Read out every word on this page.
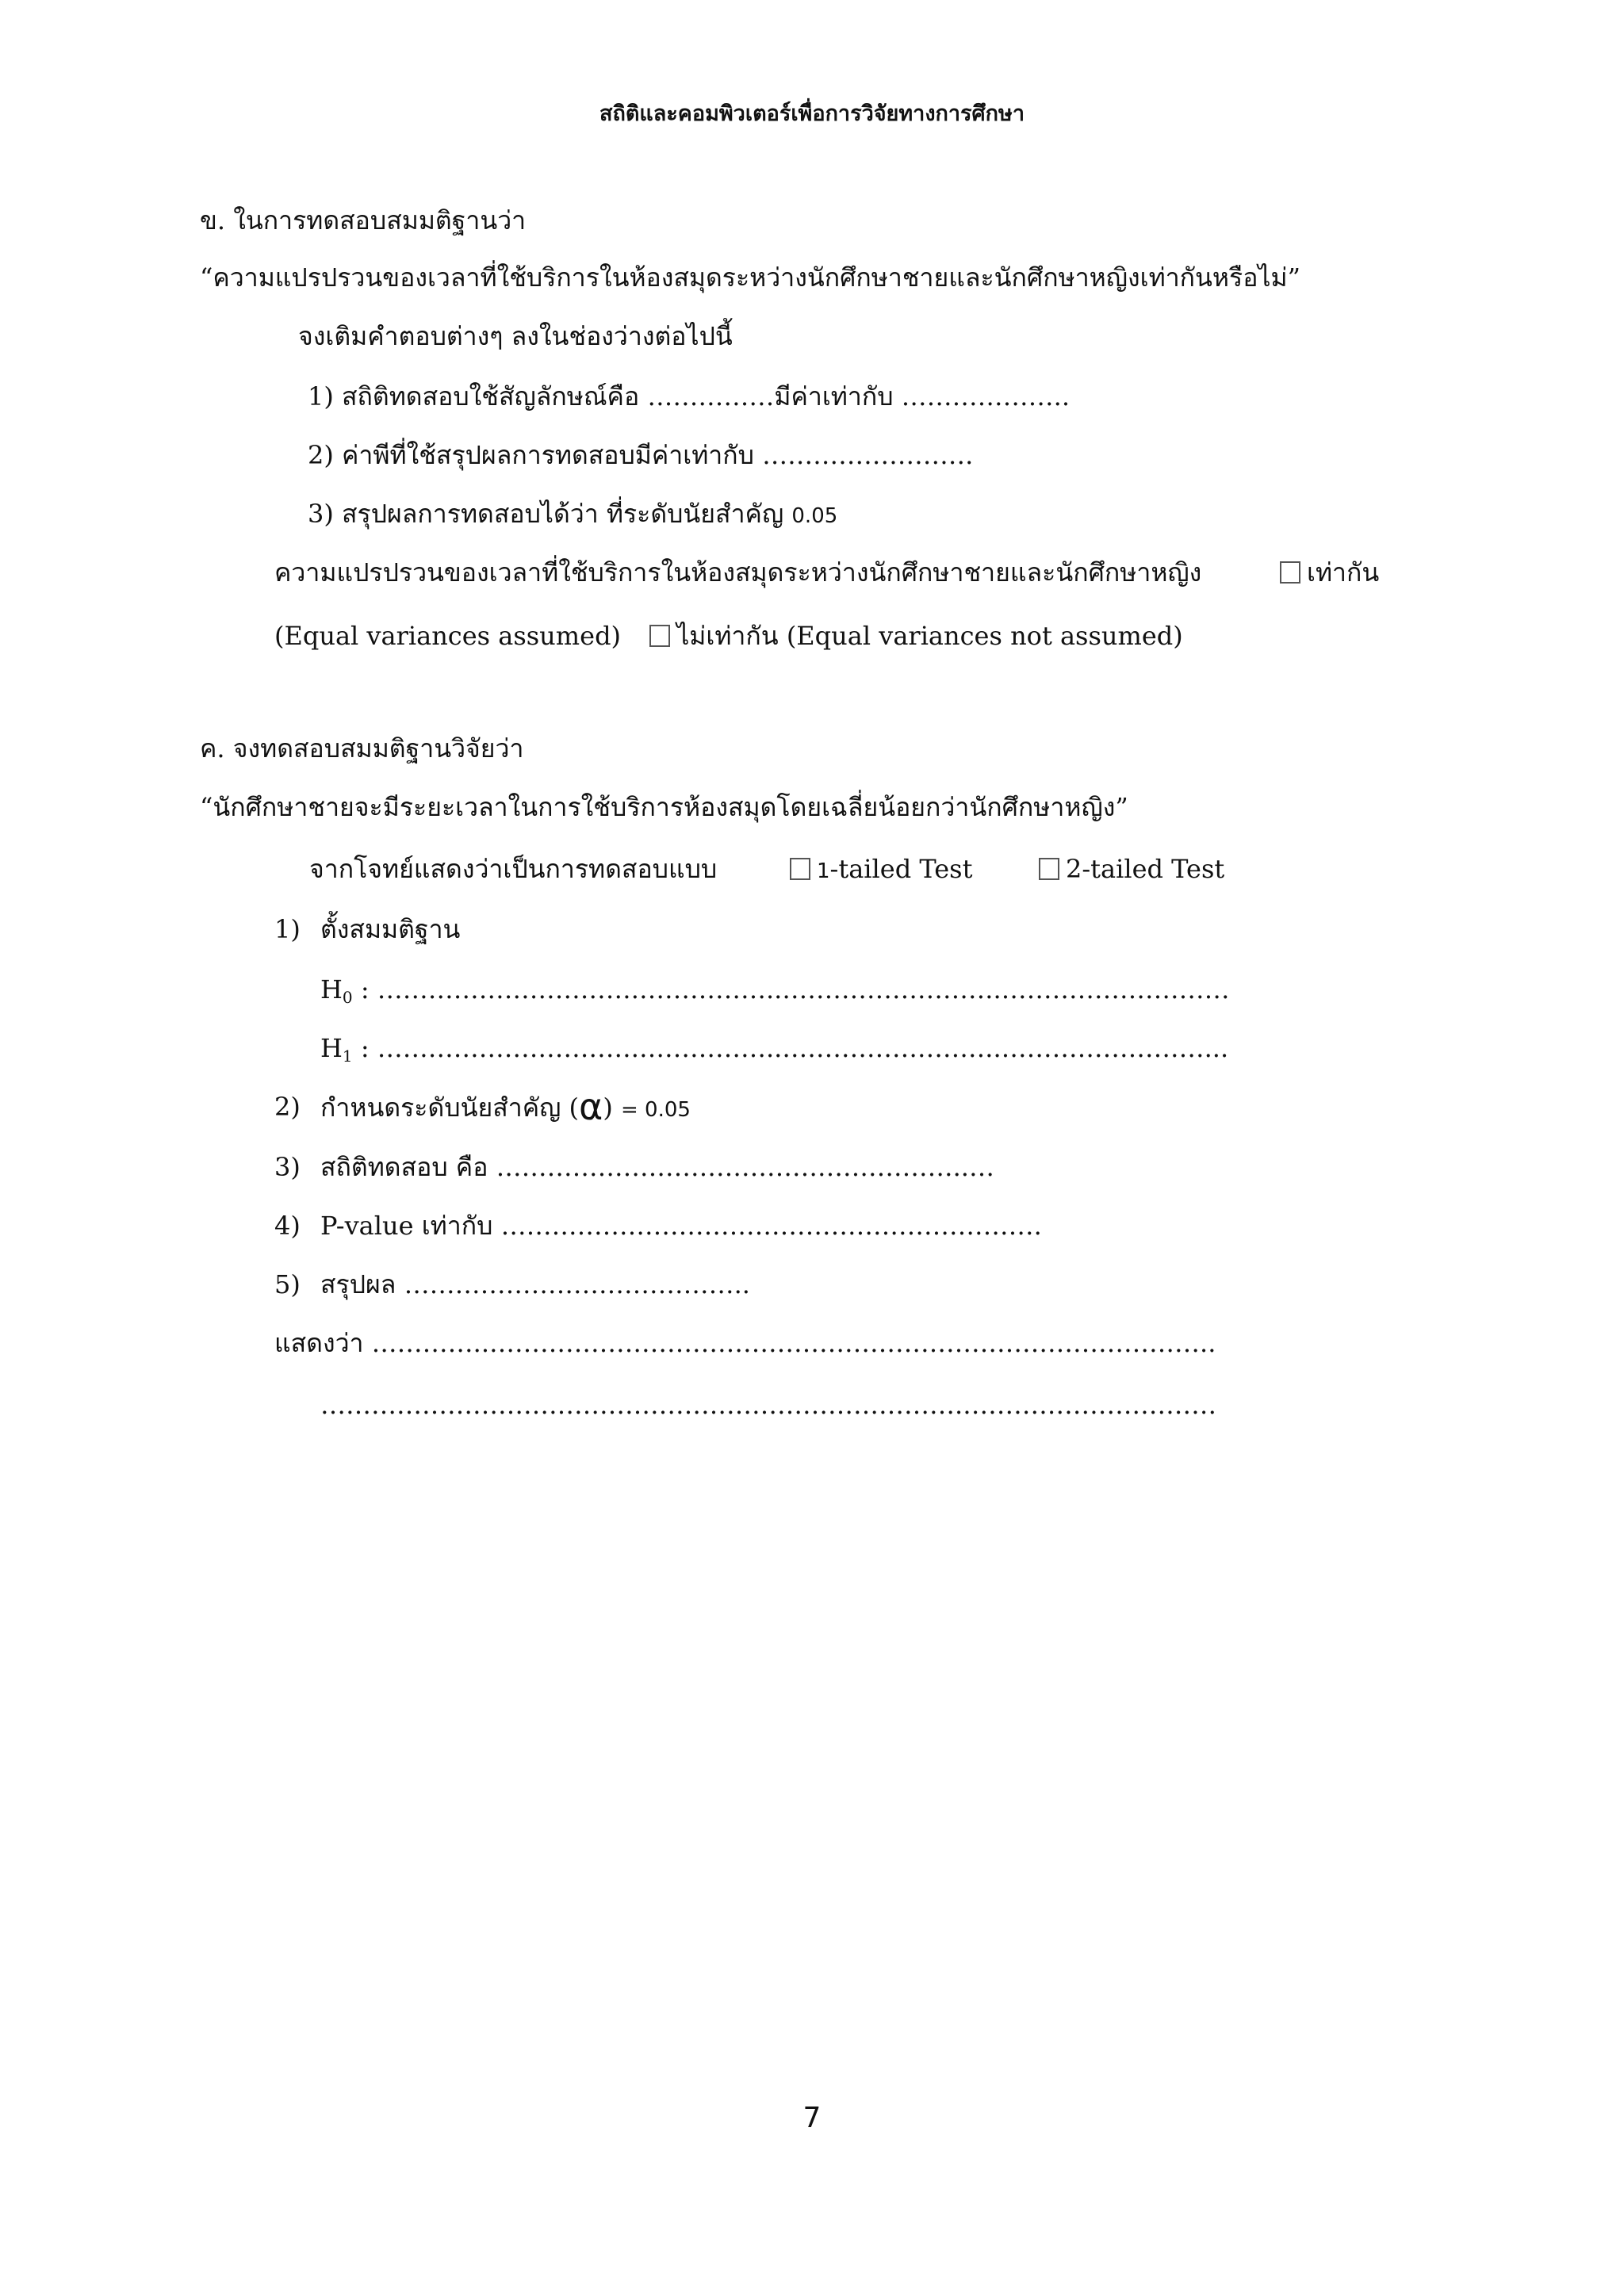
สถิติและคอมพิวเตอร์เพื่อการวิจัยทางการศึกษา
ข. ในการทดสอบสมมติฐานว่า
“ความแปรปรวนของเวลาที่ใช้บริการในห้องสมุดระหว่างนักศึกษาชายและนักศึกษาหญิงเท่ากันหรือไม่”
จงเติมคำตอบต่างๆ ลงในช่องว่างต่อไปนี้
1) สถิติทดสอบใช้สัญลักษณ์คือ ……………มีค่าเท่ากับ ………………..
2) ค่าพีที่ใช้สรุปผลการทดสอบมีค่าเท่ากับ …………………….
3) สรุปผลการทดสอบได้ว่า ที่ระดับนัยสำคัญ 0.05
ความแปรปรวนของเวลาที่ใช้บริการในห้องสมุดระหว่างนักศึกษาชายและนักศึกษาหญิง	เท่ากัน
(Equal variances assumed) ไม่เท่ากัน (Equal variances not assumed)
ค. จงทดสอบสมมติฐานวิจัยว่า
“นักศึกษาชายจะมีระยะเวลาในการใช้บริการห้องสมุดโดยเฉลี่ยน้อยกว่านักศึกษาหญิง”
จากโจทย์แสดงว่าเป็นการทดสอบแบบ	1-tailed Test	2-tailed Test
1) ตั้งสมมติฐาน
$H_0$ : ………………………….……………..……………………..………………………
$H_1$ : ………………………….……………..……………………..……………………...
2) กำหนดระดับนัยสำคัญ (α) = 0.05
3) สถิติทดสอบ คือ ………………………………………………..…
4) P-value เท่ากับ ……………………………………………………….
5) สรุปผล …………………………………..
แสดงว่า …………..…………………………………………………………………………..
………………………………………………………………….…………………………
7
